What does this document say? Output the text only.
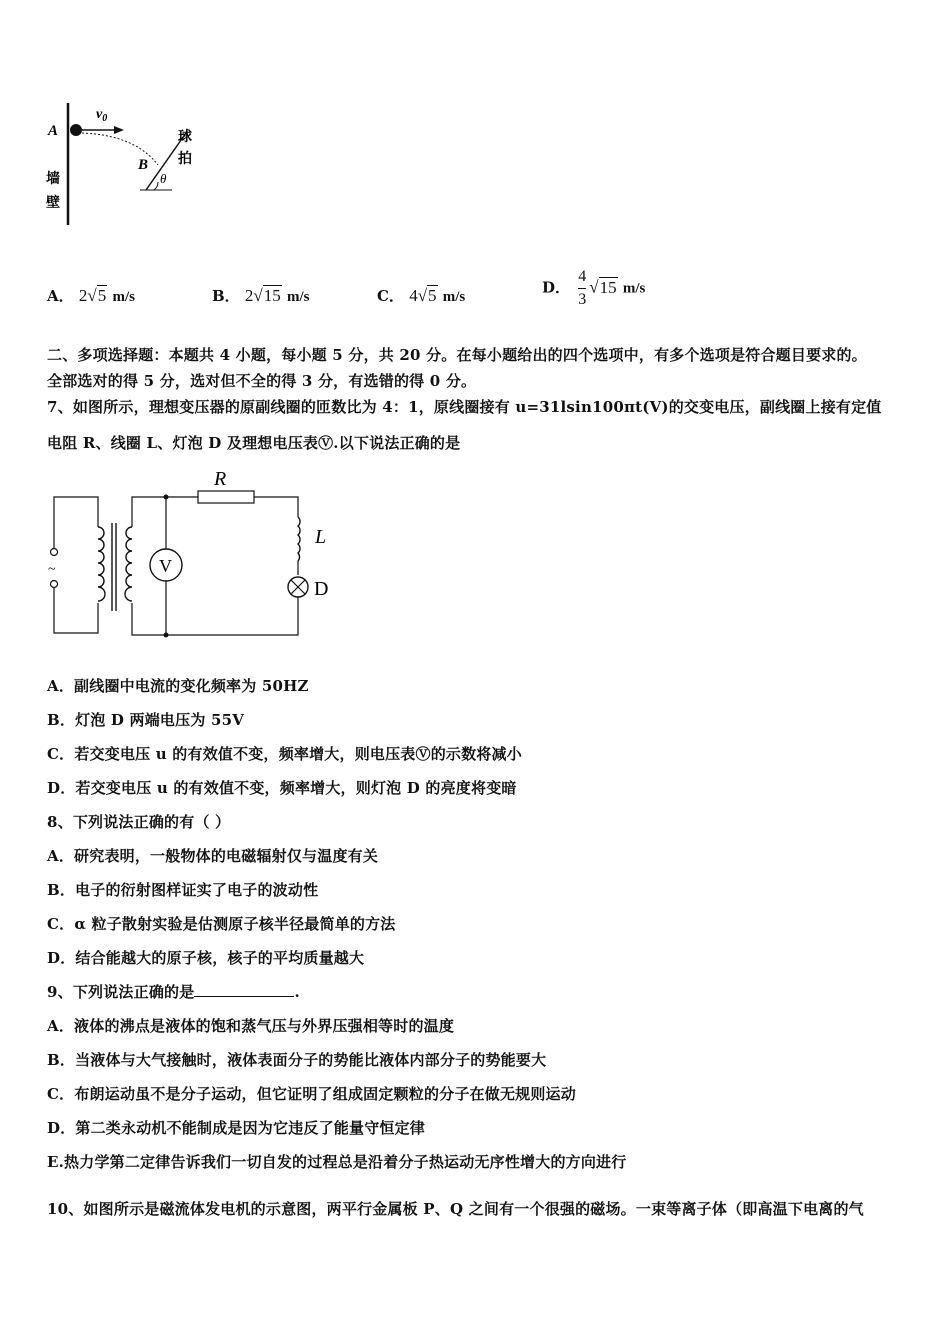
A
$v_0$
B
θ
球
拍
墙
壁
A． 2√5 m/s	B． 2√15 m/s	C． 4√5 m/s
D． $\frac{4}{3} √15$ m/s
二、多项选择题：本题共 4 小题，每小题 5 分，共 20 分。在每小题给出的四个选项中，有多个选项是符合题目要求的。
全部选对的得 5 分，选对但不全的得 3 分，有选错的得 0 分。
7、如图所示，理想变压器的原副线圈的匝数比为 4：1，原线圈接有 u=31lsin100πt(V)的交变电压，副线圈上接有定值
电阻 R、线圈 L、灯泡 D 及理想电压表Ⓥ.以下说法正确的是
~
R
V
L
D
A．副线圈中电流的变化频率为 50HZ
B．灯泡 D 两端电压为 55V
C．若交变电压 u 的有效值不变，频率增大，则电压表Ⓥ的示数将减小
D．若交变电压 u 的有效值不变，频率增大，则灯泡 D 的亮度将变暗
8、下列说法正确的有（ ）
A．研究表明，一般物体的电磁辐射仅与温度有关
B．电子的衍射图样证实了电子的波动性
C．α 粒子散射实验是估测原子核半径最简单的方法
D．结合能越大的原子核，核子的平均质量越大
9、下列说法正确的是	.
A．液体的沸点是液体的饱和蒸气压与外界压强相等时的温度
B．当液体与大气接触时，液体表面分子的势能比液体内部分子的势能要大
C．布朗运动虽不是分子运动，但它证明了组成固定颗粒的分子在做无规则运动
D．第二类永动机不能制成是因为它违反了能量守恒定律
E.热力学第二定律告诉我们一切自发的过程总是沿着分子热运动无序性增大的方向进行
10、如图所示是磁流体发电机的示意图，两平行金属板 P、Q 之间有一个很强的磁场。一束等离子体（即高温下电离的气
